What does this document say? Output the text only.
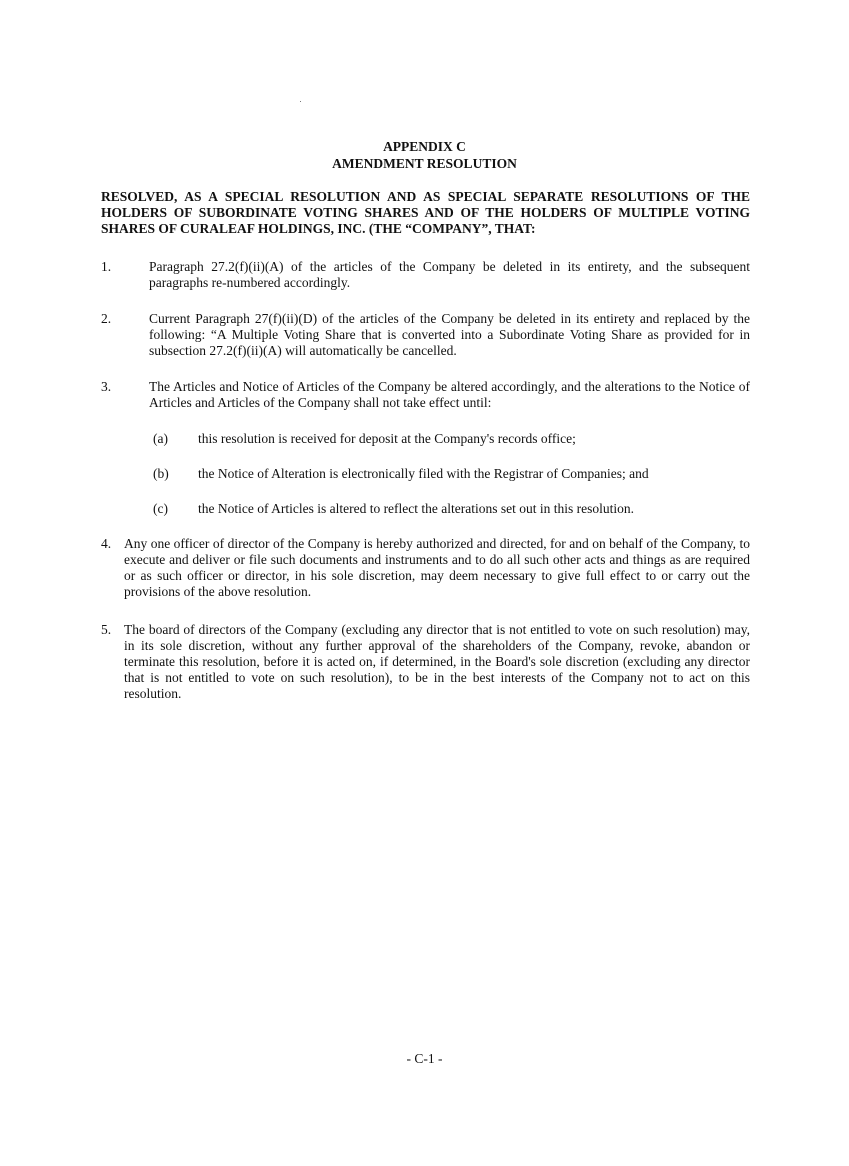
APPENDIX C
AMENDMENT RESOLUTION
RESOLVED, AS A SPECIAL RESOLUTION AND AS SPECIAL SEPARATE RESOLUTIONS OF THE HOLDERS OF SUBORDINATE VOTING SHARES AND OF THE HOLDERS OF MULTIPLE VOTING SHARES OF CURALEAF HOLDINGS, INC. (THE “COMPANY”, THAT:
1.	Paragraph 27.2(f)(ii)(A) of the articles of the Company be deleted in its entirety, and the subsequent paragraphs re-numbered accordingly.
2.	Current Paragraph 27(f)(ii)(D) of the articles of the Company be deleted in its entirety and replaced by the following: “A Multiple Voting Share that is converted into a Subordinate Voting Share as provided for in subsection 27.2(f)(ii)(A) will automatically be cancelled.
3.	The Articles and Notice of Articles of the Company be altered accordingly, and the alterations to the Notice of Articles and Articles of the Company shall not take effect until:
(a) this resolution is received for deposit at the Company's records office;
(b) the Notice of Alteration is electronically filed with the Registrar of Companies; and
(c) the Notice of Articles is altered to reflect the alterations set out in this resolution.
4. Any one officer of director of the Company is hereby authorized and directed, for and on behalf of the Company, to execute and deliver or file such documents and instruments and to do all such other acts and things as are required or as such officer or director, in his sole discretion, may deem necessary to give full effect to or carry out the provisions of the above resolution.
5. The board of directors of the Company (excluding any director that is not entitled to vote on such resolution) may, in its sole discretion, without any further approval of the shareholders of the Company, revoke, abandon or terminate this resolution, before it is acted on, if determined, in the Board's sole discretion (excluding any director that is not entitled to vote on such resolution), to be in the best interests of the Company not to act on this resolution.
- C-1 -
